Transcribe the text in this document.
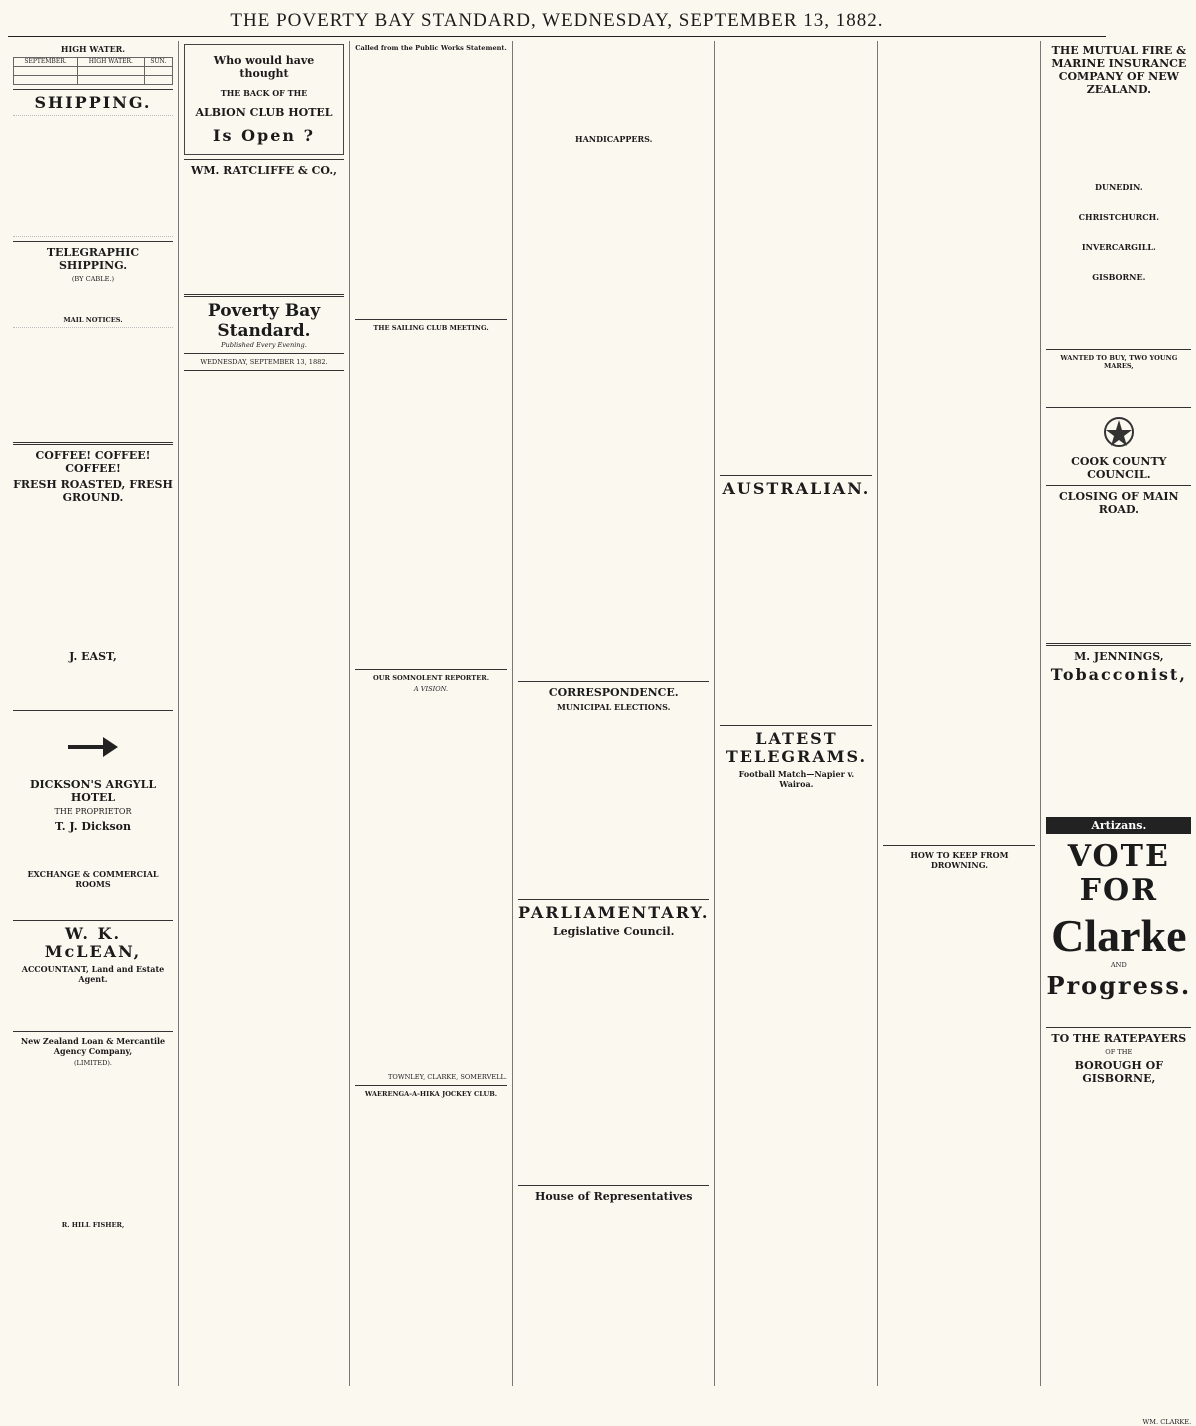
THE POVERTY BAY STANDARD, WEDNESDAY, SEPTEMBER 13, 1882.
HIGH WATER.
SEPTEMBER.	HIGH WATER.	SUN.

SHIPPING.
TELEGRAPHIC SHIPPING.
(BY CABLE.)
MAIL NOTICES.
COFFEE! COFFEE! COFFEE!
FRESH ROASTED, FRESH GROUND.
J. EAST,
DICKSON'S ARGYLL HOTEL
THE PROPRIETOR
T. J. Dickson
EXCHANGE & COMMERCIAL ROOMS
W. K. McLEAN,
ACCOUNTANT, Land and Estate Agent.
New Zealand Loan & Mercantile Agency Company,
(LIMITED).
R. HILL FISHER,
Who would have thought
THE BACK OF THE
ALBION CLUB HOTEL
Is Open ?
WM. RATCLIFFE & CO.,
Poverty Bay Standard.
Published Every Evening.
WEDNESDAY, SEPTEMBER 13, 1882.
Called from the Public Works Statement.
THE SAILING CLUB MEETING.
OUR SOMNOLENT REPORTER.
A VISION.
TOWNLEY, CLARKE, SOMERVELL.
WAERENGA-A-HIKA JOCKEY CLUB.
HANDICAPPERS.
CORRESPONDENCE.
MUNICIPAL ELECTIONS.
PARLIAMENTARY.
Legislative Council.
House of Representatives
AUSTRALIAN.
LATEST TELEGRAMS.
Football Match—Napier v. Wairoa.
HOW TO KEEP FROM DROWNING.
THE MUTUAL FIRE & MARINE INSURANCE COMPANY OF NEW ZEALAND.
DUNEDIN.
CHRISTCHURCH.
INVERCARGILL.
GISBORNE.
WANTED TO BUY, TWO YOUNG MARES,
COOK COUNTY COUNCIL.
CLOSING OF MAIN ROAD.
M. JENNINGS,
Tobacconist,
Artizans.
VOTE FOR
Clarke
AND
Progress.
TO THE RATEPAYERS
OF THE
BOROUGH OF GISBORNE,
WM. CLARKE.
